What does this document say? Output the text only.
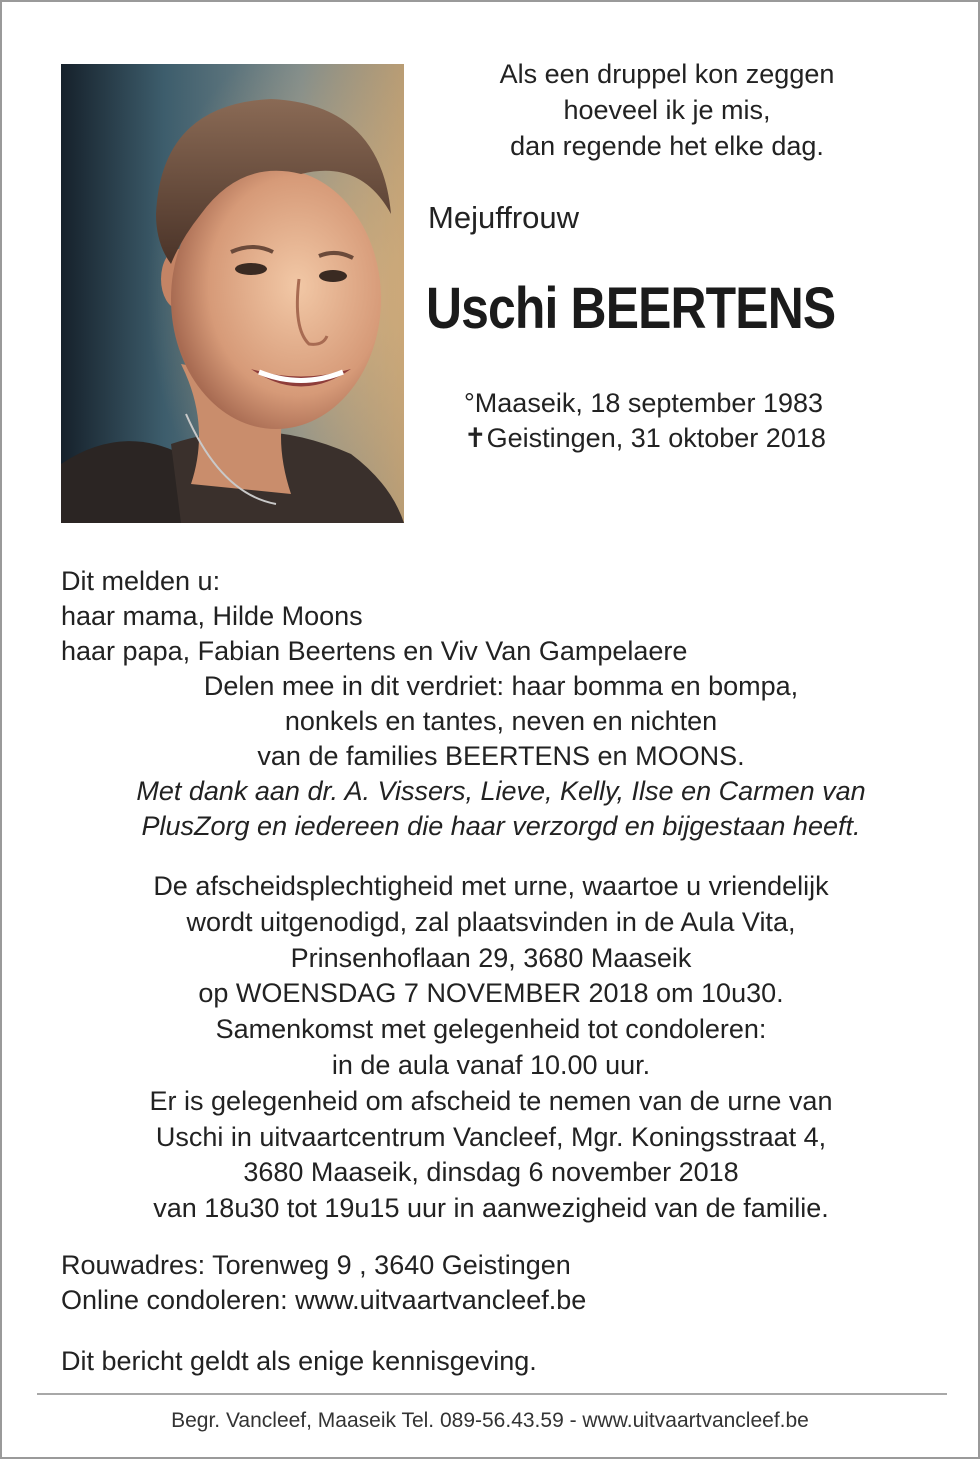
Als een druppel kon zeggen
hoeveel ik je mis,
dan regende het elke dag.
Mejuffrouw
Uschi BEERTENS
°Maaseik, 18 september 1983
✝Geistingen, 31 oktober 2018
Dit melden u:
haar mama, Hilde Moons
haar papa, Fabian Beertens en Viv Van Gampelaere
Delen mee in dit verdriet: haar bomma en bompa,
nonkels en tantes, neven en nichten
van de families BEERTENS en MOONS.
Met dank aan dr. A. Vissers, Lieve, Kelly, Ilse en Carmen van
PlusZorg en iedereen die haar verzorgd en bijgestaan heeft.
De afscheidsplechtigheid met urne, waartoe u vriendelijk
wordt uitgenodigd, zal plaatsvinden in de Aula Vita,
Prinsenhoflaan 29, 3680 Maaseik
op WOENSDAG 7 NOVEMBER 2018 om 10u30.
Samenkomst met gelegenheid tot condoleren:
in de aula vanaf 10.00 uur.
Er is gelegenheid om afscheid te nemen van de urne van
Uschi in uitvaartcentrum Vancleef, Mgr. Koningsstraat 4,
3680 Maaseik, dinsdag 6 november 2018
van 18u30 tot 19u15 uur in aanwezigheid van de familie.
Rouwadres: Torenweg 9 , 3640 Geistingen
Online condoleren: www.uitvaartvancleef.be
Dit bericht geldt als enige kennisgeving.
Begr. Vancleef, Maaseik Tel. 089-56.43.59 - www.uitvaartvancleef.be
